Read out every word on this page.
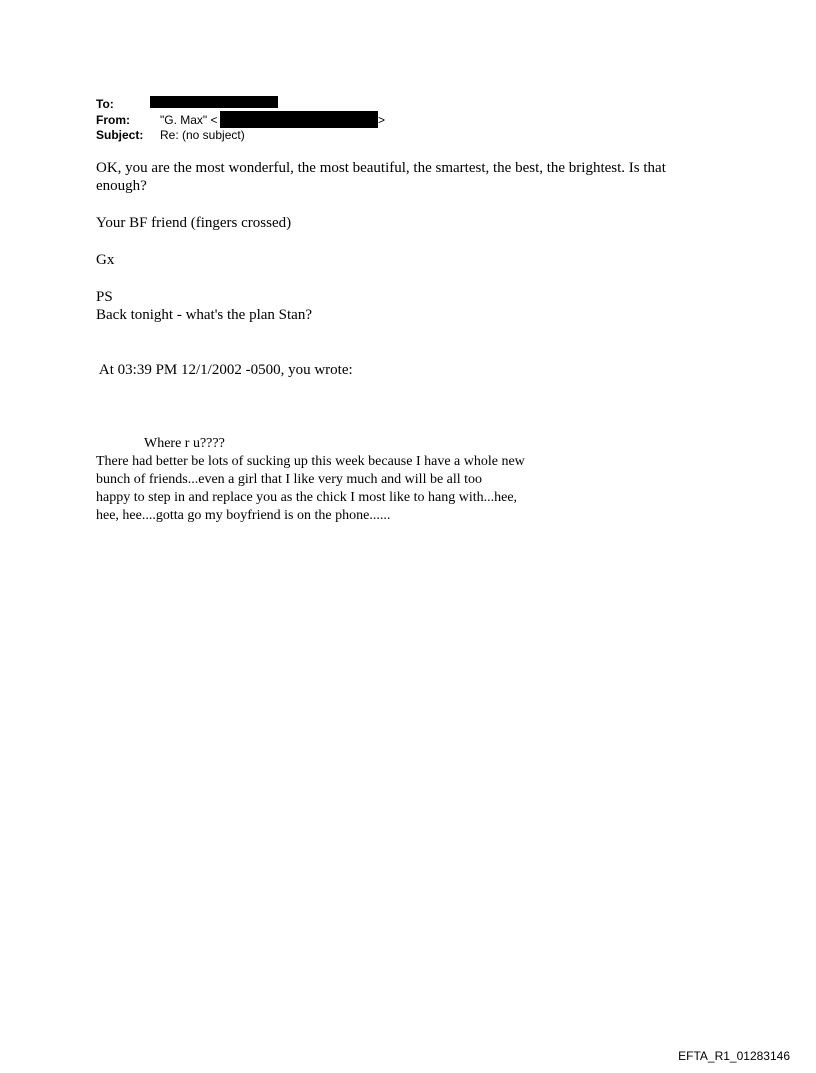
To:
From:	"G. Max" <	>
Subject: Re: (no subject)
OK, you are the most wonderful, the most beautiful, the smartest, the best, the brightest. Is that
enough?
Your BF friend (fingers crossed)
Gx
PS
Back tonight - what's the plan Stan?
At 03:39 PM 12/1/2002 -0500, you wrote:
Where r u????
There had better be lots of sucking up this week because I have a whole new
bunch of friends...even a girl that I like very much and will be all too
happy to step in and replace you as the chick I most like to hang with...hee,
hee, hee....gotta go my boyfriend is on the phone......
EFTA_R1_01283146
